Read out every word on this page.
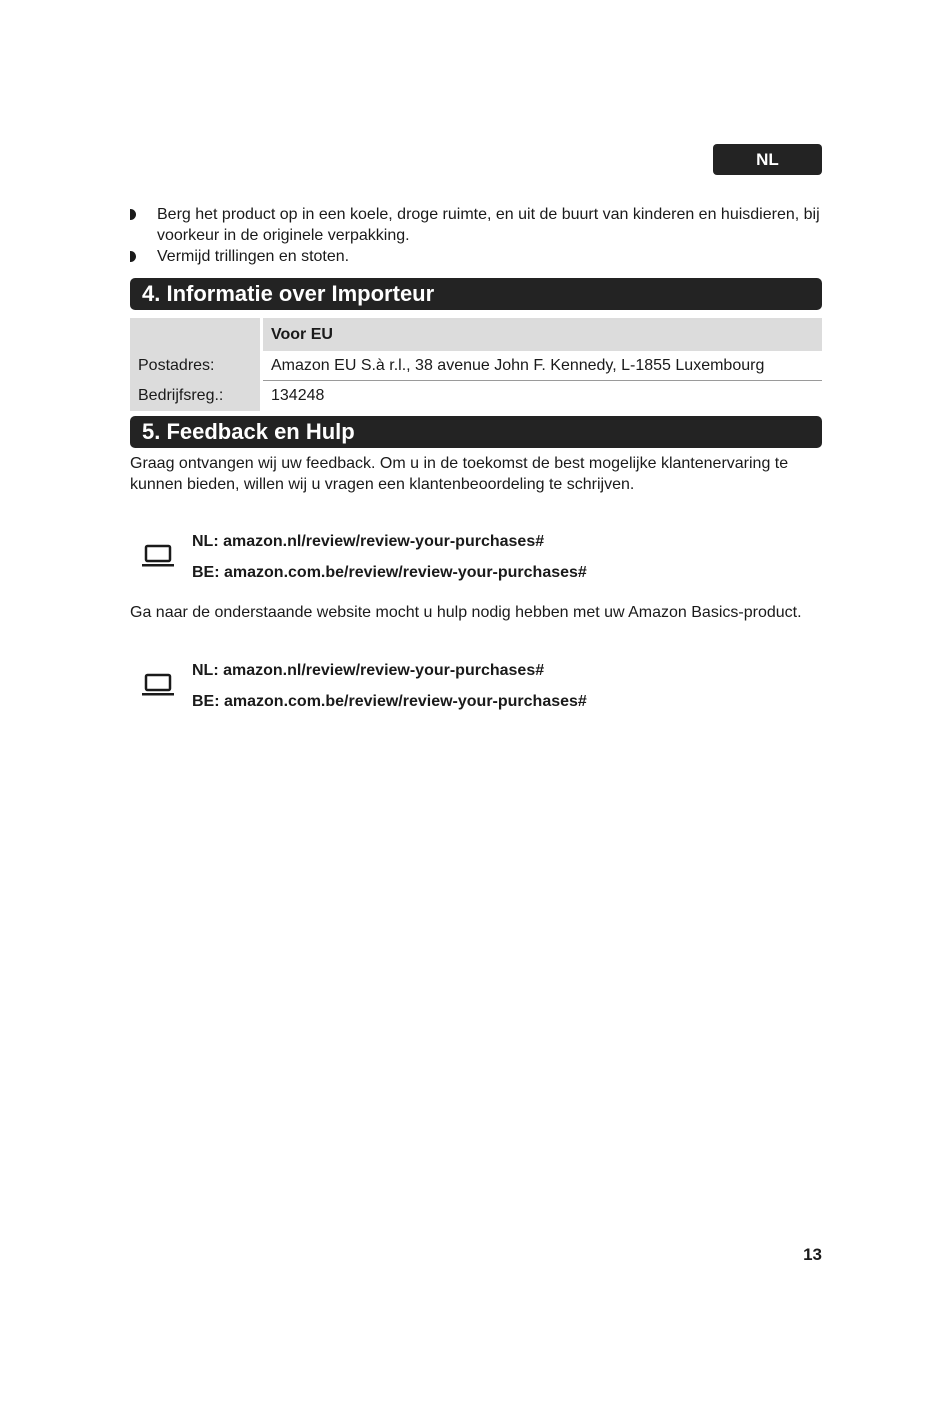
NL
Berg het product op in een koele, droge ruimte, en uit de buurt van kinderen en huisdieren, bij voorkeur in de originele verpakking.
Vermijd trillingen en stoten.
4. Informatie over Importeur
Voor EU
Postadres:	Amazon EU S.à r.l., 38 avenue John F. Kennedy, L-1855 Luxembourg
Bedrijfsreg.:	134248
5. Feedback en Hulp
Graag ontvangen wij uw feedback. Om u in de toekomst de best mogelijke klantenervaring te kunnen bieden, willen wij u vragen een klantenbeoordeling te schrijven.
NL: amazon.nl/review/review-your-purchases#
BE: amazon.com.be/review/review-your-purchases#
Ga naar de onderstaande website mocht u hulp nodig hebben met uw Amazon Basics-product.
NL: amazon.nl/review/review-your-purchases#
BE: amazon.com.be/review/review-your-purchases#
13
